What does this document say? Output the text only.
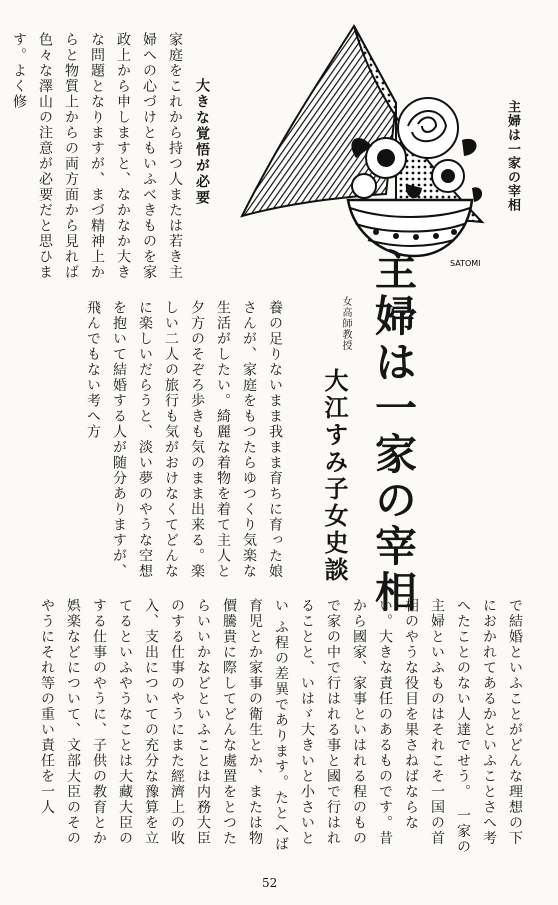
主婦は一家の宰相
SATOMI
主婦は一家の宰相
女高師教授
大江すみ子女史談
大きな覚悟が必要
家庭をこれから持つ人または若き主婦への心づけともいふべきものを家政上から申しますと、なかなか大きな問題となりますが、まづ精神上からと物質上からの両方面から見れば色々な澤山の注意が必要だと思ひます。よく修
養の足りないまま我まま育ちに育った娘さんが、家庭をもつたらゆつくり気楽な生活がしたい。綺麗な着物を着て主人と夕方のそぞろ歩きも気のまま出来る。楽しい二人の旅行も気がおけなくてどんなに楽しいだらうと、淡い夢のやうな空想を抱いて結婚する人が随分ありますが、飛んでもない考へ方
で結婚といふことがどんな理想の下におかれてあるかといふことさへ考へたことのない人達でせう。　一家の主婦といふものはそれこそ一国の首相のやうな役目を果さねばならない。大きな責任のあるものです。昔から國家、家事といはれる程のもので家の中で行はれる事と國で行はれることと、いはゞ大きいと小さいとい ふ程の差異であります。たとへば育児とか家事の衛生とか、または物價騰貴に際してどんな處置をとつたらいいかなどといふことは内務大臣のする仕事のやうにまた經濟上の收入、支出についての充分な豫算を立てるといふやうなことは大藏大臣のする仕事のやうに、子供の教育とか娯楽などについて、文部大臣のそのやうにそれ等の重い責任を一人
52
